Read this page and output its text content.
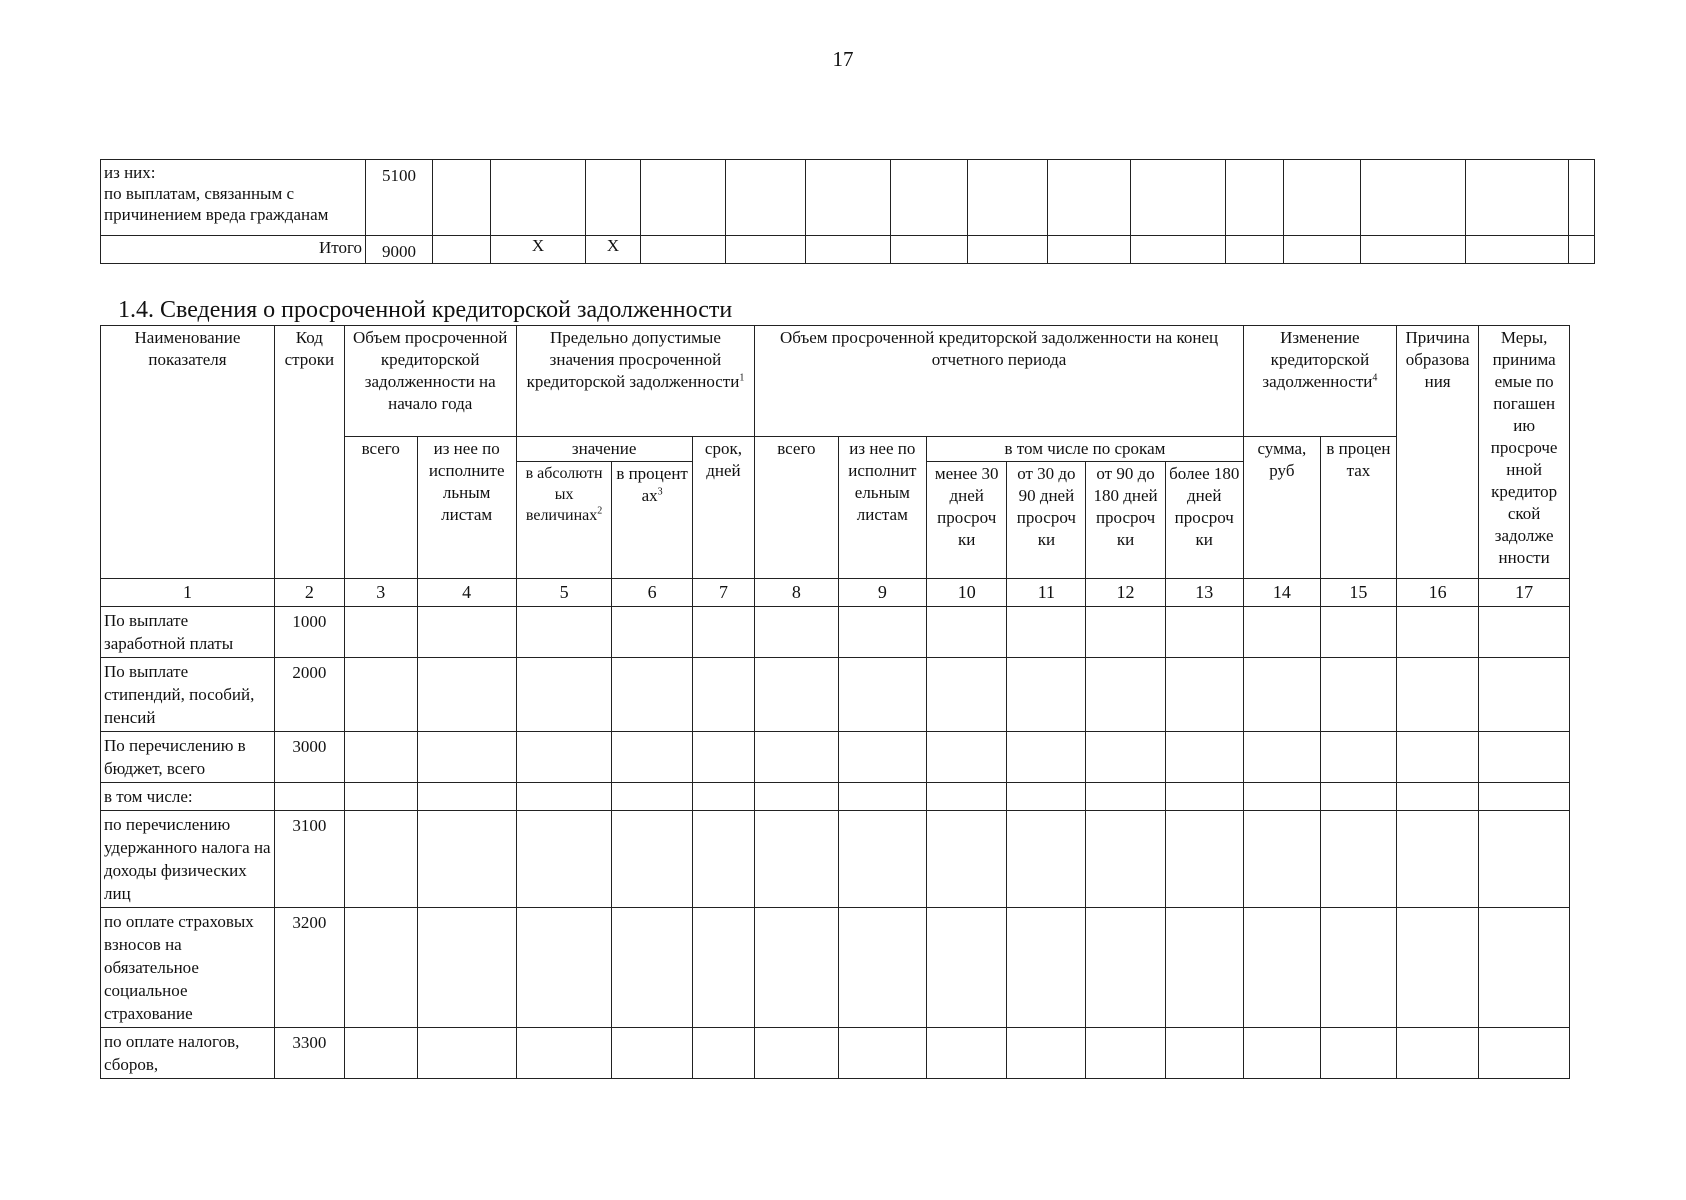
17
из них:
по выплатам, связанным с
причинением вреда гражданам	5100															
Итого	9000		X	X												
1.4. Сведения о просроченной кредиторской задолженности
Наименование показателя	Код строки	Объем просроченной кредиторской задолженности на начало года		Предельно допустимые значения просроченной кредиторской задолженности$^1$			Объем просроченной кредиторской задолженности на конец отчетного периода						Изменение кредиторской задолженности$^4$		Причина образова ния	Меры, принима емые по погашен ию просроче нной кредитор ской задолже нности
		всего	из нее по исполните льным листам	значение		срок, дней	всего	из нее по исполнит ельным листам	в том числе по срокам				сумма, руб	в процен тах		
				в абсолютн ых величинах$^2$	в процент $ах^3$				менее 30 дней просроч ки	от 30 до 90 дней просроч ки	от 90 до 180 дней просроч ки	более 180 дней просроч ки				
1	2	3	4	5	6	7	8	9	10	11	12	13	14	15	16	17
По выплате заработной платы	1000															
По выплате стипендий, пособий, пенсий	2000															
По перечислению в бюджет, всего	3000															
в том числе:																
по перечислению удержанного налога на доходы физических лиц	3100															
по оплате страховых взносов на обязательное социальное страхование	3200															
по оплате налогов, сборов,	3300															
